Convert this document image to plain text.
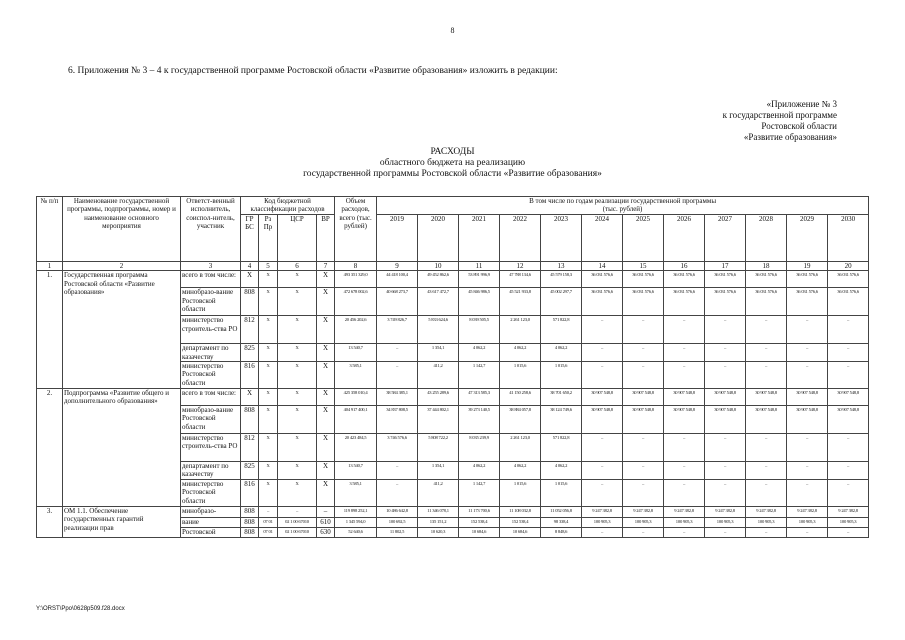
8
6. Приложения № 3 – 4 к государственной программе Ростовской области «Развитие образования» изложить в редакции:
«Приложение № 3
к государственной программе
Ростовской области
«Развитие образования»
РАСХОДЫ
областного бюджета на реализацию
государственной программы Ростовской области «Развитие образования»
№ п/п	Наименование государственной программы, подпрограммы, номер и наименование основного мероприятия	Ответст-венный исполнитель, соиспол-нитель, участник	Код бюджетной классификации расходов				Объем расходов, всего (тыс. рублей)	В том числе по годам реализации государственной программы (тыс. рублей)											
			ГР БС	Рз Пр	ЦСР	ВР		2019	2020	2021	2022	2023	2024	2025	2026	2027	2028	2029	2030

1	2	3	4	5	6	7	8	9	10	11	12	13	14	15	16	17	18	19	20
1.	Государственная программа Ростовской области «Развитие образования»	всего в том числе:	X	X	X	X	493 351 329,0	44 418 100,4	49 452 862,6	53 891 996,9	47 788 134,6	45 579 158,3	36 031 576,6	36 031 576,6	36 031 576,6	36 031 576,6	36 031 576,6	36 031 576,6	36 031 576,6
		минобразо-вание Ростовской области	808	X	X	X	472 678 002,6	40 668 273,7	43 617 472,7	45 846 986,5	45 521 933,8	45 002 297,7	36 031 576,6	36 031 576,6	36 031 576,6	36 031 576,6	36 031 576,6	36 031 576,6	36 031 576,6
		министерство строитель-ства РО	812	X	X	X	20 456 202,6	3 749 826,7	5 833 624,6	8 039 505,5	2 261 123,0	571 822,8	–	–	–	–	–	–	–
		департамент по казачеству	825	X	X	X	13 540,7	–	1 354,1	4 062,2	4 062,2	4 062,2	–	–	–	–	–	–	–
		министерство Ростовской области	816	X	X	X	3 585,1	–	411,2	1 142,7	1 015,6	1 015,6	–	–	–	–	–	–	–
2.	Подпрограмма «Развитие общего и дополнительного образования»	всего в том числе:	X	X	X	X	425 358 010,4	38 584 385,1	43 255 289,6	47 313 585,3	41 150 258,6	38 701 650,2	30 907 548,8	30 907 548,8	30 907 548,8	30 907 548,8	30 907 548,8	30 907 548,8	30 907 548,8
		минобразо-вание Ростовской области	808	X	X	X	404 917 400,1	34 837 808,5	37 444 802,1	39 273 140,5	38 884 057,8	38 124 749,6	30 907 548,8	30 907 548,8	30 907 548,8	30 907 548,8	30 907 548,8	30 907 548,8	30 907 548,8
		министерство строитель-ства РО	812	X	X	X	20 423 484,5	3 746 576,6	5 808 722,2	8 035 239,9	2 261 123,0	571 822,8	–	–	–	–	–	–	–
		департамент по казачеству	825	X	X	X	13 540,7	–	1 354,1	4 062,2	4 062,2	4 062,2	–	–	–	–	–	–	–
		министерство Ростовской области	816	X	X	X	3 585,1	–	411,2	1 142,7	1 015,6	1 015,6	–	–	–	–	–	–	–
3.	ОМ 1.1. Обеспечение государственных гарантий реализации прав	минобразо-	808	–	–	–	119 898 252,1	10 486 642,8	11 346 078,1	11 173 700,6	11 108 032,8	11 052 056,8	9 247 382,8	9 247 382,8	9 247 382,8	9 247 382,8	9 247 382,8	9 247 382,8	9 247 382,8
		вание	808	07 01	02 1 00 67010	610	1 345 594,0	100 692,5	135 151,2	152 538,4	152 538,4	98 338,4	100 905,3	100 905,3	100 905,3	100 905,3	100 905,3	100 905,3	100 905,3
		Ростовской	808	07 01	02 1 00 67010	630	52 640,6	11 802,5	10 620,3	10 684,6	10 684,6	8 848,6	–	–	–	–	–	–	–
Y:\ORST\Ppo\0628p509.f28.docx
